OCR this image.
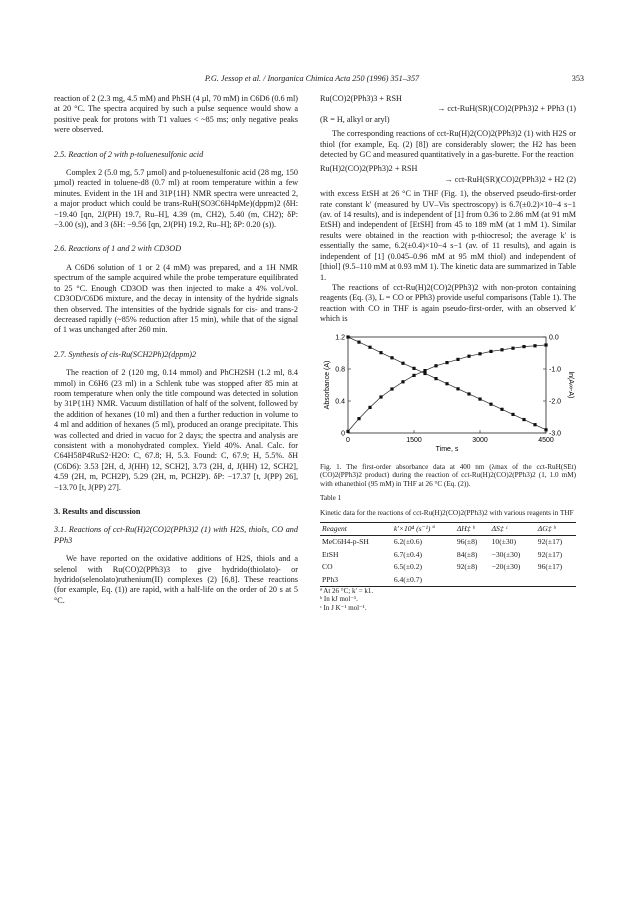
P.G. Jessop et al. / Inorganica Chimica Acta 250 (1996) 351–357	353

reaction of 2 (2.3 mg, 4.5 mM) and PhSH (4 µl, 70 mM) in C6D6 (0.6 ml) at 20 °C. The spectra acquired by such a pulse sequence would show a positive peak for protons with T1 values < ~85 ms; only negative peaks were observed.

2.5. Reaction of 2 with p-toluenesulfonic acid

Complex 2 (5.0 mg, 5.7 µmol) and p-toluenesulfonic acid (28 mg, 150 µmol) reacted in toluene-d8 (0.7 ml) at room temperature within a few minutes. Evident in the 1H and 31P{1H} NMR spectra were unreacted 2, a major product which could be trans-RuH(SO3C6H4pMe)(dppm)2 (δH: −19.40 [qn, 2J(PH) 19.7, Ru–H], 4.39 (m, CH2), 5.40 (m, CH2); δP: −3.00 (s)), and 3 (δH: −9.56 [qn, 2J(PH) 19.2, Ru–H]; δP: 0.20 (s)).

2.6. Reactions of 1 and 2 with CD3OD

A C6D6 solution of 1 or 2 (4 mM) was prepared, and a 1H NMR spectrum of the sample acquired while the probe temperature equilibrated to 25 °C. Enough CD3OD was then injected to make a 4% vol./vol. CD3OD/C6D6 mixture, and the decay in intensity of the hydride signals then observed. The intensities of the hydride signals for cis- and trans-2 decreased rapidly (~85% reduction after 15 min), while that of the signal of 1 was unchanged after 260 min.

2.7. Synthesis of cis-Ru(SCH2Ph)2(dppm)2

The reaction of 2 (120 mg, 0.14 mmol) and PhCH2SH (1.2 ml, 8.4 mmol) in C6H6 (23 ml) in a Schlenk tube was stopped after 85 min at room temperature when only the title compound was detected in solution by 31P{1H} NMR. Vacuum distillation of half of the solvent, followed by the addition of hexanes (10 ml) and then a further reduction in volume to 4 ml and addition of hexanes (5 ml), produced an orange precipitate. This was collected and dried in vacuo for 2 days; the spectra and analysis are consistent with a monohydrated complex. Yield 40%. Anal. Calc. for C64H58P4RuS2·H2O: C, 67.8; H, 5.3. Found: C, 67.9; H, 5.5%. δH (C6D6): 3.53 [2H, d, J(HH) 12, SCH2], 3.73 (2H, d, J(HH) 12, SCH2], 4.59 (2H, m, PCH2P), 5.29 (2H, m, PCH2P). δP: −17.37 [t, J(PP) 26], −13.70 [t, J(PP) 27].

3. Results and discussion

3.1. Reactions of cct-Ru(H)2(CO)2(PPh3)2 (1) with H2S, thiols, CO and PPh3

We have reported on the oxidative additions of H2S, thiols and a selenol with Ru(CO)2(PPh3)3 to give hydrido(thiolato)- or hydrido(selenolato)ruthenium(II) complexes (2) [6,8]. These reactions (for example, Eq. (1)) are rapid, with a half-life on the order of 20 s at 5 °C.

Ru(CO)2(PPh3)3 + RSH

→ cct-RuH(SR)(CO)2(PPh3)2 + PPh3 (1)

(R = H, alkyl or aryl)

The corresponding reactions of cct-Ru(H)2(CO)2(PPh3)2 (1) with H2S or thiol (for example, Eq. (2) [8]) are considerably slower; the H2 has been detected by GC and measured quantitatively in a gas-burette. For the reaction

Ru(H)2(CO)2(PPh3)2 + RSH

→ cct-RuH(SR)(CO)2(PPh3)2 + H2 (2)

with excess EtSH at 26 °C in THF (Fig. 1), the observed pseudo-first-order rate constant k′ (measured by UV–Vis spectroscopy) is 6.7(±0.2)×10−4 s−1 (av. of 14 results), and is independent of [1] from 0.36 to 2.86 mM (at 91 mM EtSH) and independent of [EtSH] from 45 to 189 mM (at 1 mM 1). Similar results were obtained in the reaction with p-thiocresol; the average k′ is essentially the same, 6.2(±0.4)×10−4 s−1 (av. of 11 results), and again is independent of [1] (0.045–0.96 mM at 95 mM thiol) and independent of [thiol] (9.5–110 mM at 0.93 mM 1). The kinetic data are summarized in Table 1.

The reactions of cct-Ru(H)2(CO)2(PPh3)2 with non-proton containing reagents (Eq. (3), L = CO or PPh3) provide useful comparisons (Table 1). The reaction with CO in THF is again pseudo-first-order, with an observed k′ which is

0	1500	3000	4500
0
0.4
0.8
1.2	0.0
-1.0
-2.0
-3.0
Time, s
Absorbance (A)	ln(A∞-A)

Fig. 1. The first-order absorbance data at 400 nm (λmax of the cct-RuH(SEt)(CO)2(PPh3)2 product) during the reaction of cct-Ru(H)2(CO)2(PPh3)2 (1, 1.0 mM) with ethanethiol (95 mM) in THF at 26 °C (Eq. (2)).

Table 1

Kinetic data for the reactions of cct-Ru(H)2(CO)2(PPh3)2 with various reagents in THF

Reagent	k′×10⁴ (s⁻¹) ª	ΔH‡ ᵇ	ΔS‡ ᶜ	ΔG‡ ᵇ
MeC6H4-p-SH	6.2(±0.6)	96(±8)	10(±30)	92(±17)
EtSH	6.7(±0.4)	84(±8)	−30(±30)	92(±17)
CO	6.5(±0.2)	92(±8)	−20(±30)	96(±17)
PPh3	6.4(±0.7)			

ª At 26 °C; k′ = k1.

ᵇ In kJ mol⁻¹.

ᶜ In J K⁻¹ mol⁻¹.
